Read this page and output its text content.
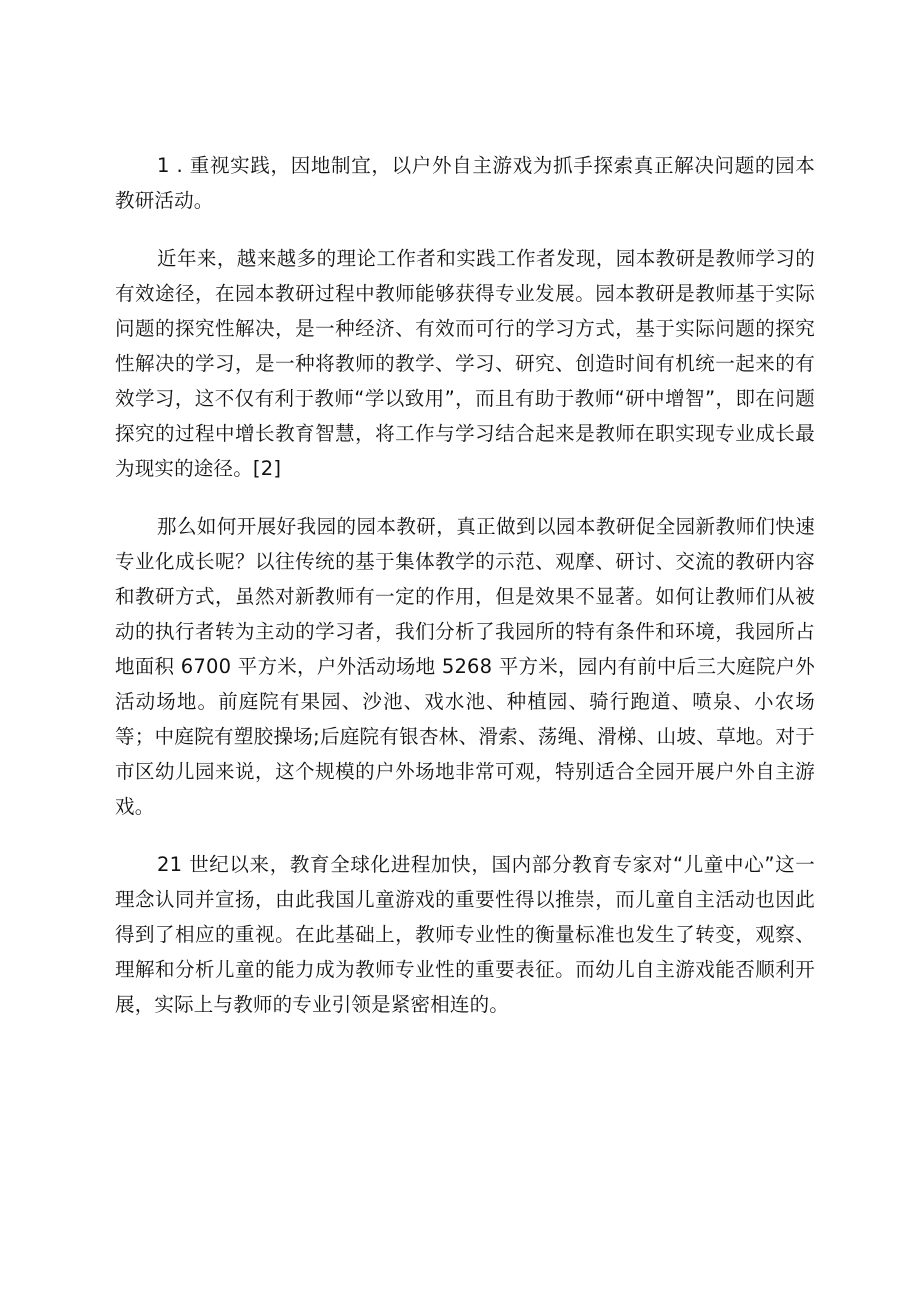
1 . 重视实践，因地制宜，以户外自主游戏为抓手探索真正解决问题的园本教研活动。

近年来，越来越多的理论工作者和实践工作者发现，园本教研是教师学习的有效途径，在园本教研过程中教师能够获得专业发展。园本教研是教师基于实际问题的探究性解决，是一种经济、有效而可行的学习方式，基于实际问题的探究性解决的学习，是一种将教师的教学、学习、研究、创造时间有机统一起来的有效学习，这不仅有利于教师“学以致用”，而且有助于教师“研中增智”，即在问题探究的过程中增长教育智慧，将工作与学习结合起来是教师在职实现专业成长最为现实的途径。[2]

那么如何开展好我园的园本教研，真正做到以园本教研促全园新教师们快速专业化成长呢？以往传统的基于集体教学的示范、观摩、研讨、交流的教研内容和教研方式，虽然对新教师有一定的作用，但是效果不显著。如何让教师们从被动的执行者转为主动的学习者，我们分析了我园所的特有条件和环境，我园所占地面积 6700 平方米，户外活动场地 5268 平方米，园内有前中后三大庭院户外活动场地。前庭院有果园、沙池、戏水池、种植园、骑行跑道、喷泉、小农场等；中庭院有塑胶操场;后庭院有银杏林、滑索、荡绳、滑梯、山坡、草地。对于市区幼儿园来说，这个规模的户外场地非常可观，特别适合全园开展户外自主游戏。

21 世纪以来，教育全球化进程加快，国内部分教育专家对“儿童中心”这一理念认同并宣扬，由此我国儿童游戏的重要性得以推崇，而儿童自主活动也因此得到了相应的重视。在此基础上，教师专业性的衡量标准也发生了转变，观察、理解和分析儿童的能力成为教师专业性的重要表征。而幼儿自主游戏能否顺利开展，实际上与教师的专业引领是紧密相连的。
